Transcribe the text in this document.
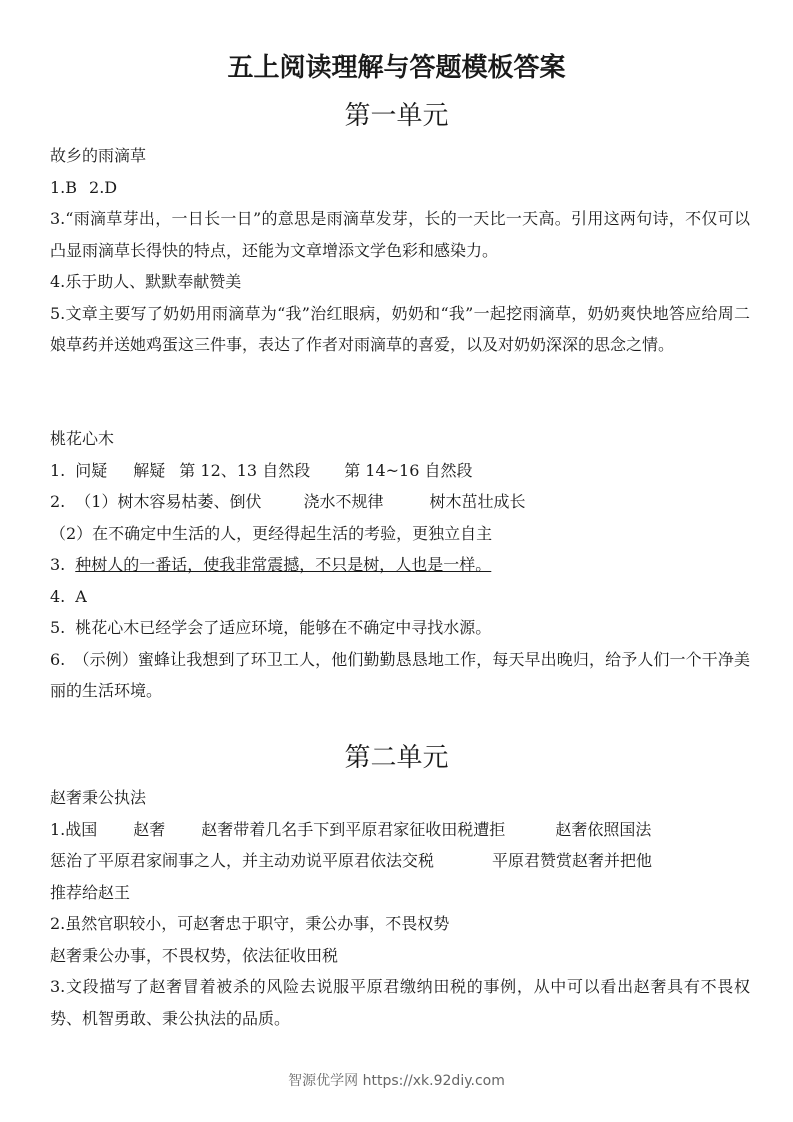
五上阅读理解与答题模板答案
第一单元
故乡的雨滴草
1.B 2.D
3.“雨滴草芽出，一日长一日”的意思是雨滴草发芽，长的一天比一天高。引用这两句诗，不仅可以凸显雨滴草长得快的特点，还能为文章增添文学色彩和感染力。
4.乐于助人、默默奉献赞美
5.文章主要写了奶奶用雨滴草为“我”治红眼病，奶奶和“我”一起挖雨滴草，奶奶爽快地答应给周二娘草药并送她鸡蛋这三件事，表达了作者对雨滴草的喜爱，以及对奶奶深深的思念之情。
桃花心木
1. 问疑 解疑 第 12、13 自然段 第 14~16 自然段
2. （1）树木容易枯萎、倒伏	浇水不规律	树木茁壮成长
（2）在不确定中生活的人，更经得起生活的考验，更独立自主
3. 种树人的一番话，使我非常震撼，不只是树，人也是一样。
4. A
5. 桃花心木已经学会了适应环境，能够在不确定中寻找水源。
6.　（示例）蜜蜂让我想到了环卫工人，他们勤勤恳恳地工作，每天早出晚归，给予人们一个干净美丽的生活环境。
第二单元
赵奢秉公执法
1.战国 赵奢 赵奢带着几名手下到平原君家征收田税遭拒	赵奢依照国法
惩治了平原君家闹事之人，并主动劝说平原君依法交税	平原君赞赏赵奢并把他
推荐给赵王
2.虽然官职较小，可赵奢忠于职守，秉公办事，不畏权势
赵奢秉公办事，不畏权势，依法征收田税
3.文段描写了赵奢冒着被杀的风险去说服平原君缴纳田税的事例，从中可以看出赵奢具有不畏权势、机智勇敢、秉公执法的品质。
智源优学网 https://xk.92diy.com
